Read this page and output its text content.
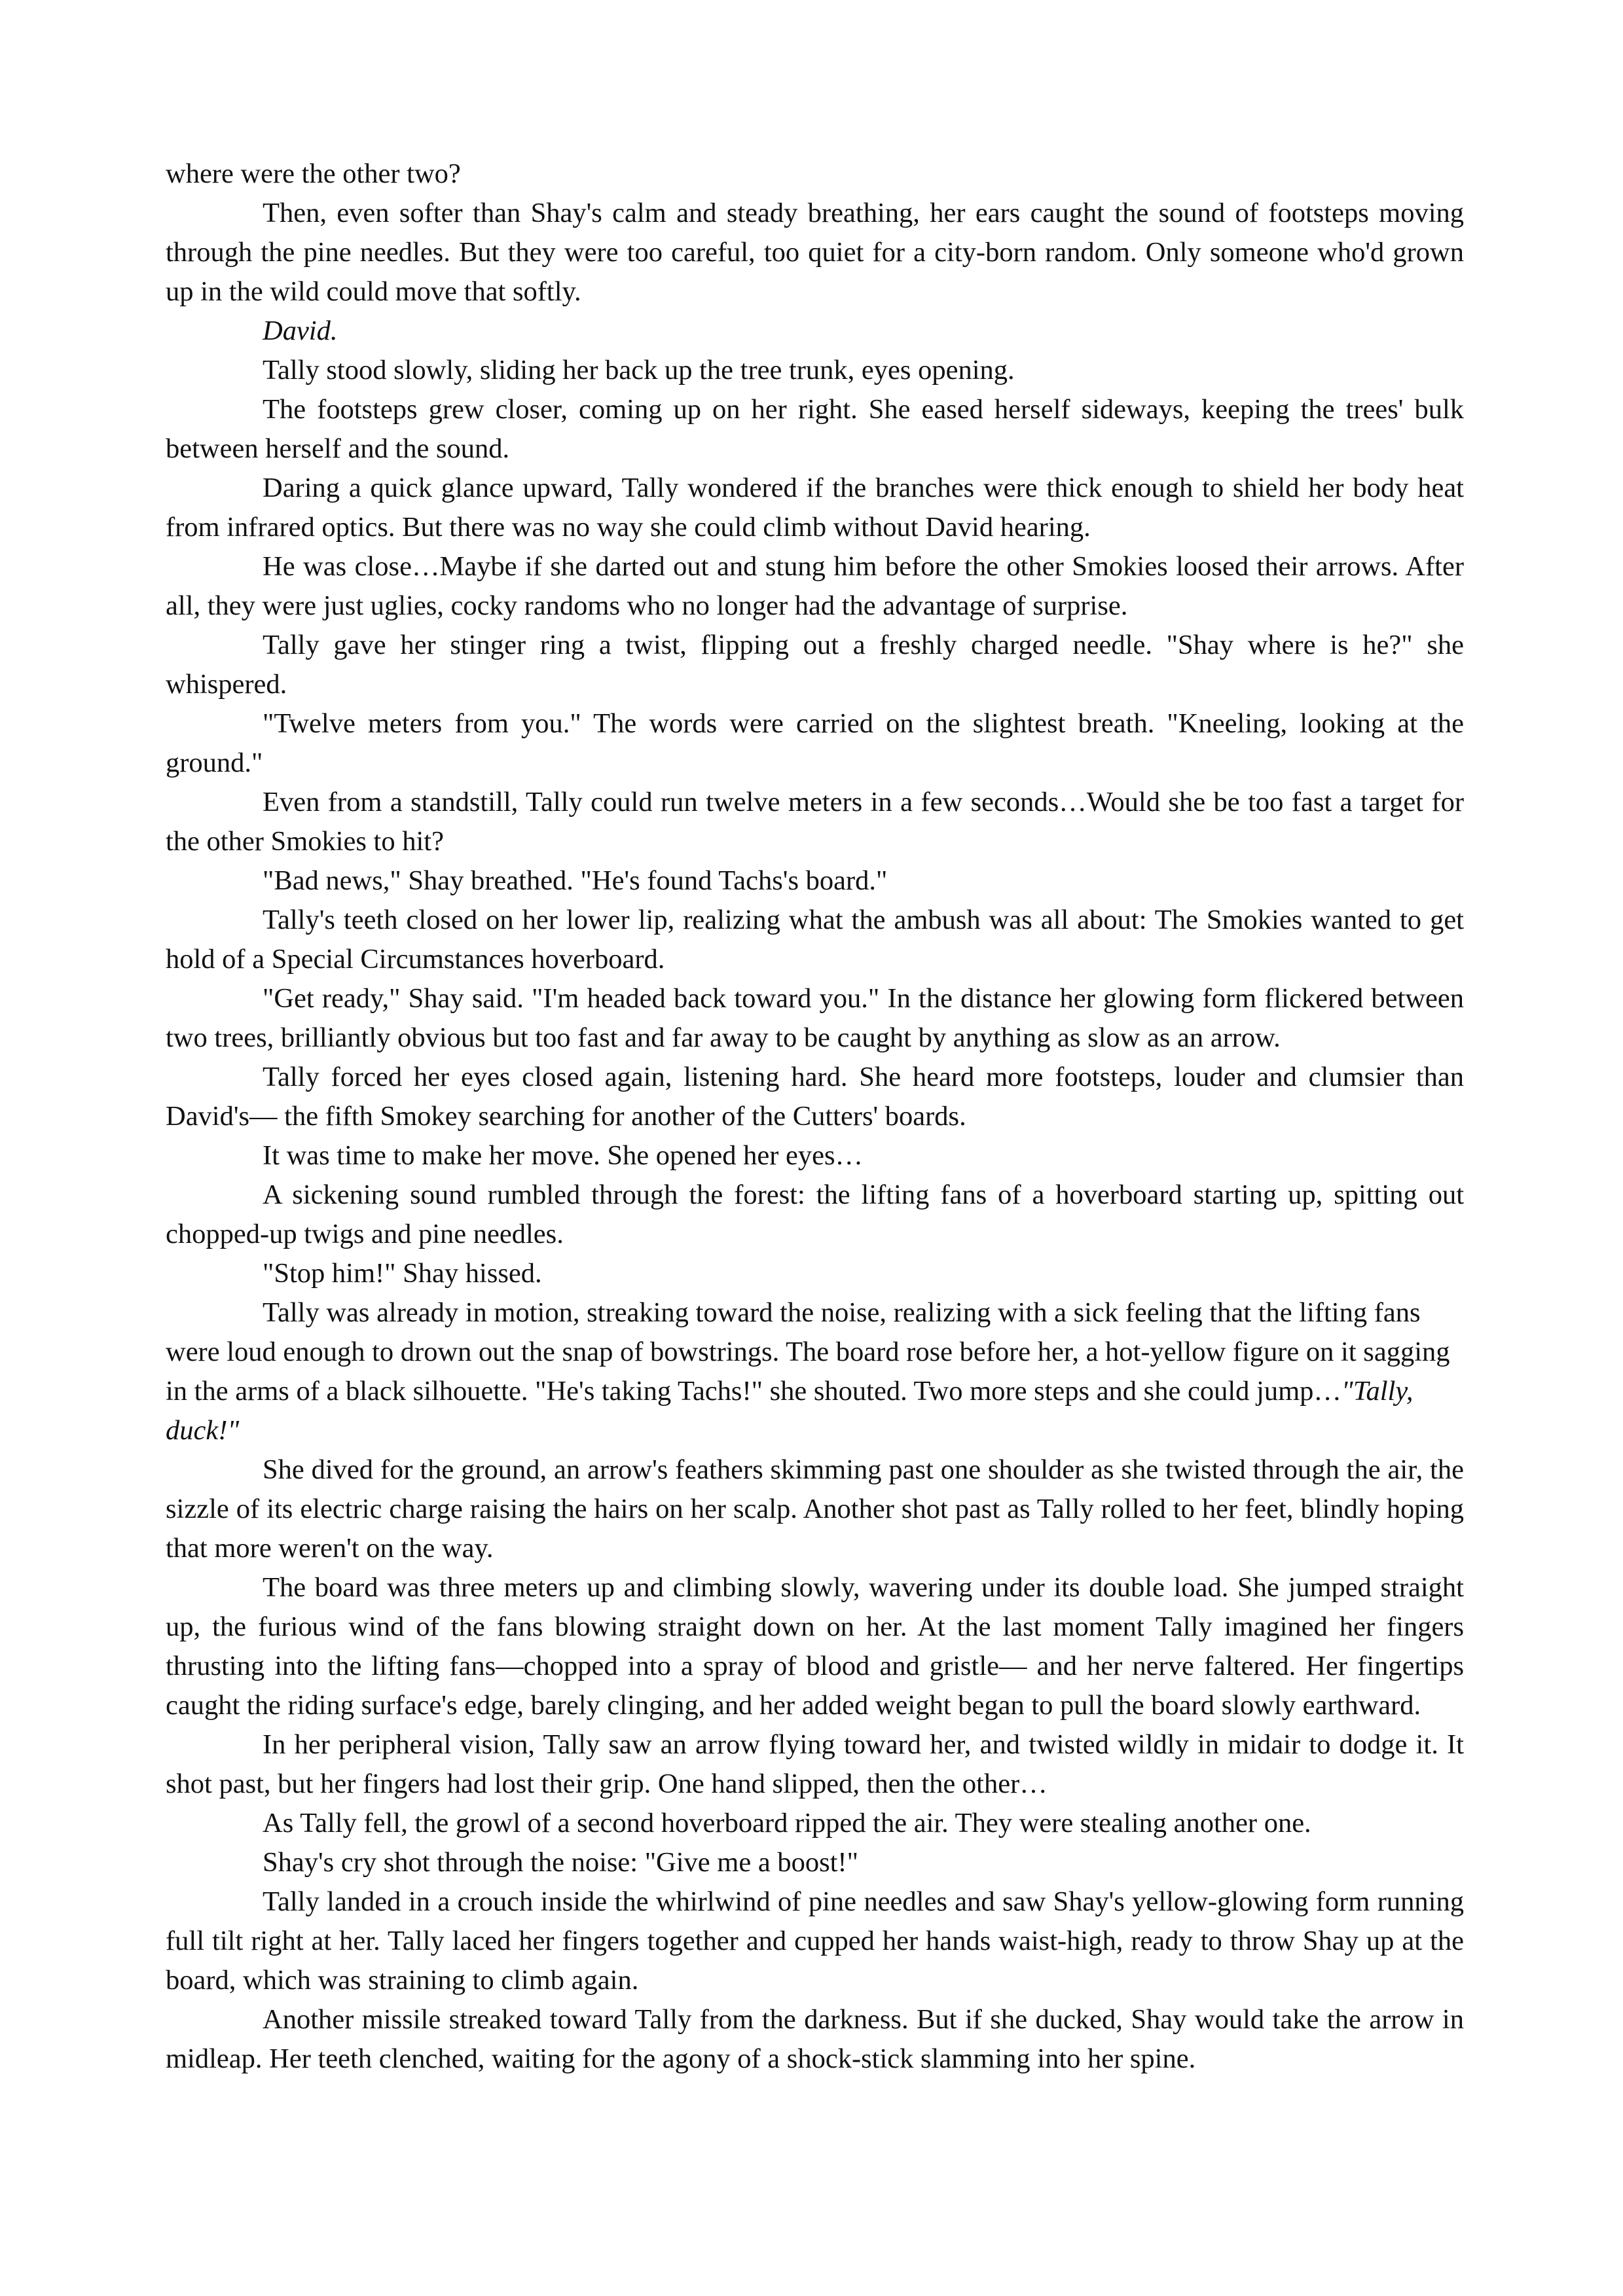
where were the other two?

Then, even softer than Shay's calm and steady breathing, her ears caught the sound of footsteps moving through the pine needles. But they were too careful, too quiet for a city-born random. Only someone who'd grown up in the wild could move that softly.

David.

Tally stood slowly, sliding her back up the tree trunk, eyes opening.

The footsteps grew closer, coming up on her right. She eased herself sideways, keeping the trees' bulk between herself and the sound.

Daring a quick glance upward, Tally wondered if the branches were thick enough to shield her body heat from infrared optics. But there was no way she could climb without David hearing.

He was close…Maybe if she darted out and stung him before the other Smokies loosed their arrows. After all, they were just uglies, cocky randoms who no longer had the advantage of surprise.

Tally gave her stinger ring a twist, flipping out a freshly charged needle. "Shay where is he?" she whispered.

"Twelve meters from you." The words were carried on the slightest breath. "Kneeling, looking at the ground."

Even from a standstill, Tally could run twelve meters in a few seconds…Would she be too fast a target for the other Smokies to hit?

"Bad news," Shay breathed. "He's found Tachs's board."

Tally's teeth closed on her lower lip, realizing what the ambush was all about: The Smokies wanted to get hold of a Special Circumstances hoverboard.

"Get ready," Shay said. "I'm headed back toward you." In the distance her glowing form flickered between two trees, brilliantly obvious but too fast and far away to be caught by anything as slow as an arrow.

Tally forced her eyes closed again, listening hard. She heard more footsteps, louder and clumsier than David's— the fifth Smokey searching for another of the Cutters' boards.

It was time to make her move. She opened her eyes…

A sickening sound rumbled through the forest: the lifting fans of a hoverboard starting up, spitting out chopped-up twigs and pine needles.

"Stop him!" Shay hissed.

Tally was already in motion, streaking toward the noise, realizing with a sick feeling that the lifting fans were loud enough to drown out the snap of bowstrings. The board rose before her, a hot-yellow figure on it sagging in the arms of a black silhouette. "He's taking Tachs!" she shouted. Two more steps and she could jump…"Tally, duck!"

She dived for the ground, an arrow's feathers skimming past one shoulder as she twisted through the air, the sizzle of its electric charge raising the hairs on her scalp. Another shot past as Tally rolled to her feet, blindly hoping that more weren't on the way.

The board was three meters up and climbing slowly, wavering under its double load. She jumped straight up, the furious wind of the fans blowing straight down on her. At the last moment Tally imagined her fingers thrusting into the lifting fans—chopped into a spray of blood and gristle— and her nerve faltered. Her fingertips caught the riding surface's edge, barely clinging, and her added weight began to pull the board slowly earthward.

In her peripheral vision, Tally saw an arrow flying toward her, and twisted wildly in midair to dodge it. It shot past, but her fingers had lost their grip. One hand slipped, then the other…

As Tally fell, the growl of a second hoverboard ripped the air. They were stealing another one.

Shay's cry shot through the noise: "Give me a boost!"

Tally landed in a crouch inside the whirlwind of pine needles and saw Shay's yellow-glowing form running full tilt right at her. Tally laced her fingers together and cupped her hands waist-high, ready to throw Shay up at the board, which was straining to climb again.

Another missile streaked toward Tally from the darkness. But if she ducked, Shay would take the arrow in midleap. Her teeth clenched, waiting for the agony of a shock-stick slamming into her spine.
